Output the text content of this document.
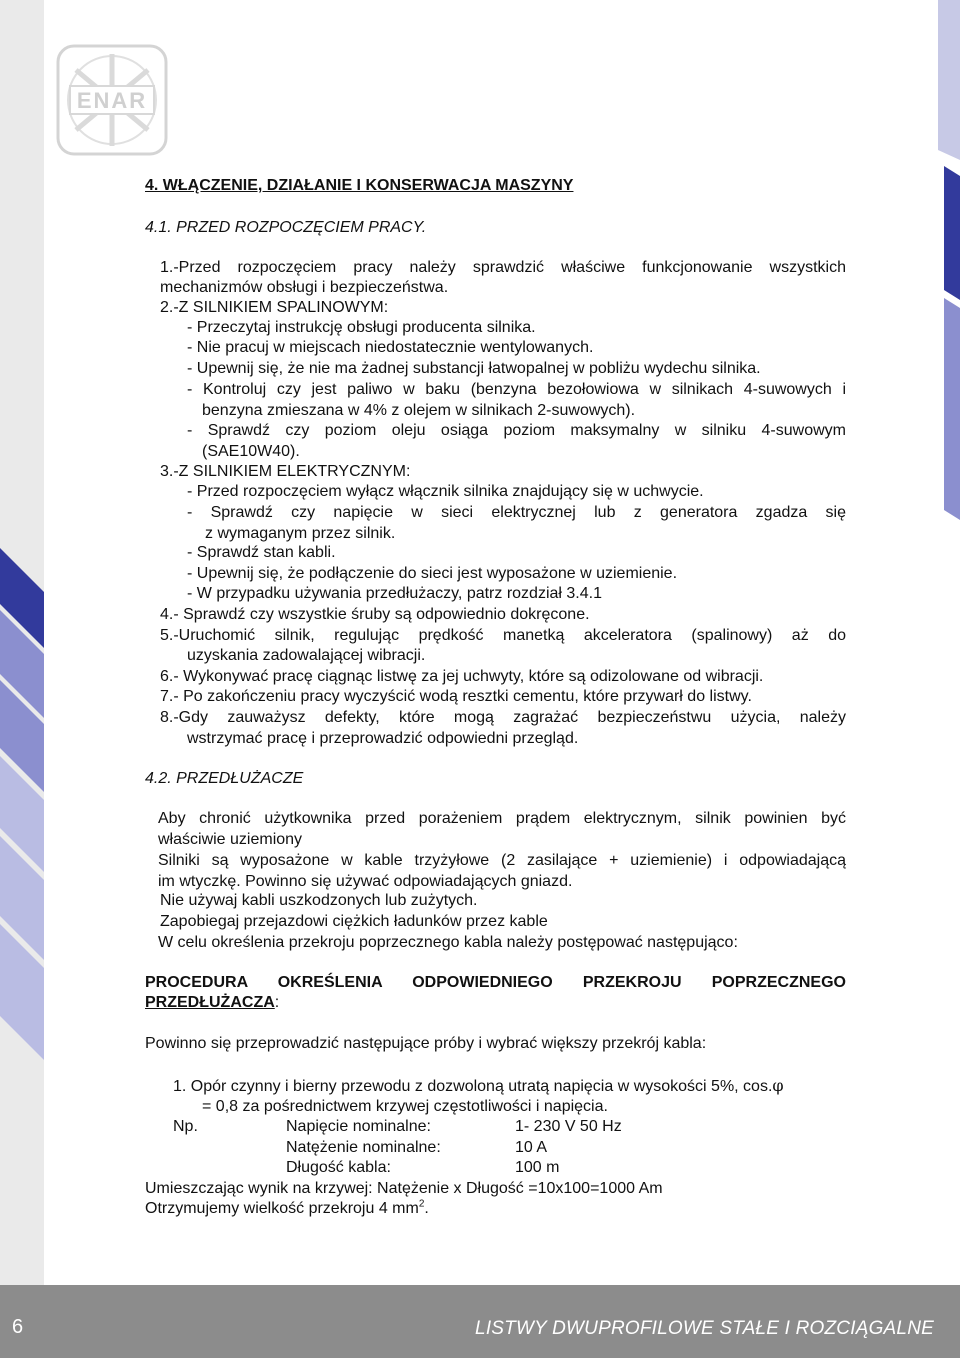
ENAR
4. WŁĄCZENIE, DZIAŁANIE I KONSERWACJA MASZYNY
4.1. PRZED ROZPOCZĘCIEM PRACY.
1.-Przed rozpoczęciem pracy należy sprawdzić właściwe funkcjonowanie wszystkich
mechanizmów obsługi i bezpieczeństwa.
2.-Z SILNIKIEM SPALINOWYM:
- Przeczytaj instrukcję obsługi producenta silnika.
- Nie pracuj w miejscach niedostatecznie wentylowanych.
- Upewnij się, że nie ma żadnej substancji łatwopalnej w pobliżu wydechu silnika.
- Kontroluj czy jest paliwo w baku (benzyna bezołowiowa w silnikach 4-suwowych i
benzyna zmieszana w 4% z olejem w silnikach 2-suwowych).
- Sprawdź czy poziom oleju osiąga poziom maksymalny w silniku 4-suwowym
(SAE10W40).
3.-Z SILNIKIEM ELEKTRYCZNYM:
- Przed rozpoczęciem wyłącz włącznik silnika znajdujący się w uchwycie.
- Sprawdź czy napięcie w sieci elektrycznej lub z generatora zgadza się
z wymaganym przez silnik.
- Sprawdź stan kabli.
- Upewnij się, że podłączenie do sieci jest wyposażone w uziemienie.
- W przypadku używania przedłużaczy, patrz rozdział 3.4.1
4.- Sprawdź czy wszystkie śruby są odpowiednio dokręcone.
5.-Uruchomić silnik, regulując prędkość manetką akceleratora (spalinowy) aż do
uzyskania zadowalającej wibracji.
6.- Wykonywać pracę ciągnąc listwę za jej uchwyty, które są odizolowane od wibracji.
7.- Po zakończeniu pracy wyczyścić wodą resztki cementu, które przywarł do listwy.
8.-Gdy zauważysz defekty, które mogą zagrażać bezpieczeństwu użycia, należy
wstrzymać pracę i przeprowadzić odpowiedni przegląd.
4.2. PRZEDŁUŻACZE
Aby chronić użytkownika przed porażeniem prądem elektrycznym, silnik powinien być
właściwie uziemiony
Silniki są wyposażone w kable trzyżyłowe (2 zasilające + uziemienie) i odpowiadającą
im wtyczkę. Powinno się używać odpowiadających gniazd.
Nie używaj kabli uszkodzonych lub zużytych.
Zapobiegaj przejazdowi ciężkich ładunków przez kable
W celu określenia przekroju poprzecznego kabla należy postępować następująco:
PROCEDURA OKREŚLENIA ODPOWIEDNIEGO PRZEKROJU POPRZECZNEGO
PRZEDŁUŻACZA:
Powinno się przeprowadzić następujące próby i wybrać większy przekrój kabla:
1. Opór czynny i bierny przewodu z dozwoloną utratą napięcia w wysokości 5%, cos.φ
= 0,8 za pośrednictwem krzywej częstotliwości i napięcia.
Np.	Napięcie nominalne:	1- 230 V 50 Hz
Natężenie nominalne:	10 A
Długość kabla:	100 m
Umieszczając wynik na krzywej: Natężenie x Długość =10x100=1000 Am
Otrzymujemy wielkość przekroju 4 $mm^2$.
6	LISTWY DWUPROFILOWE STAŁE I ROZCIĄGALNE
